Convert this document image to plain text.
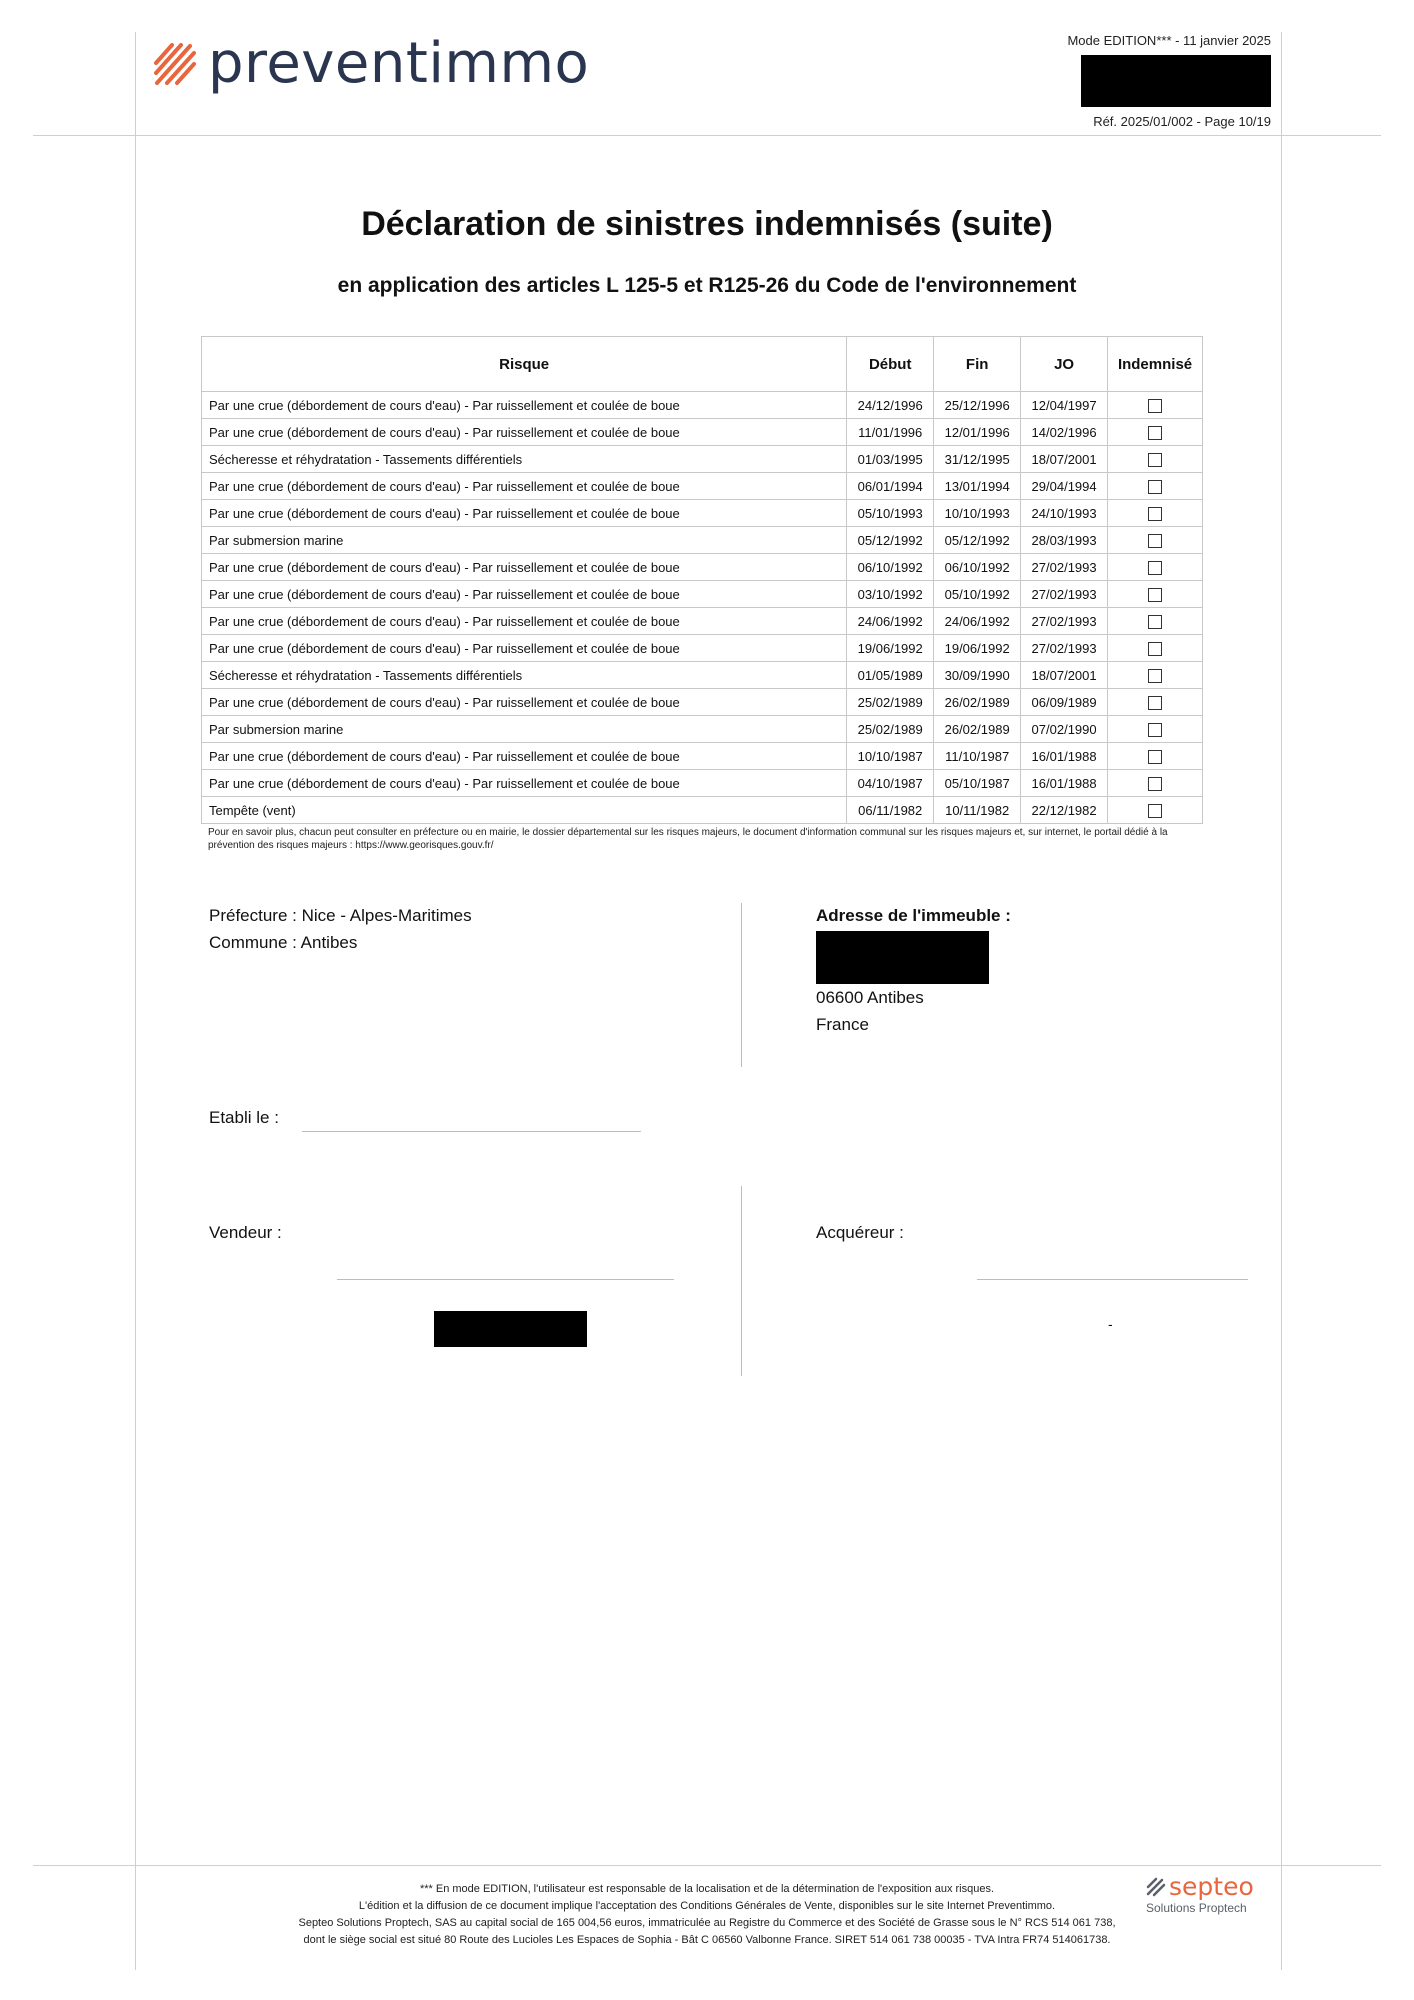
preventimmo	Mode EDITION*** - 11 janvier 2025
Réf. 2025/01/002 - Page 10/19
Déclaration de sinistres indemnisés (suite)
en application des articles L 125-5 et R125-26 du Code de l'environnement
Risque	Début	Fin	JO	Indemnisé
Par une crue (débordement de cours d'eau) - Par ruissellement et coulée de boue	24/12/1996	25/12/1996	12/04/1997	
Par une crue (débordement de cours d'eau) - Par ruissellement et coulée de boue	11/01/1996	12/01/1996	14/02/1996	
Sécheresse et réhydratation - Tassements différentiels	01/03/1995	31/12/1995	18/07/2001	
Par une crue (débordement de cours d'eau) - Par ruissellement et coulée de boue	06/01/1994	13/01/1994	29/04/1994	
Par une crue (débordement de cours d'eau) - Par ruissellement et coulée de boue	05/10/1993	10/10/1993	24/10/1993	
Par submersion marine	05/12/1992	05/12/1992	28/03/1993	
Par une crue (débordement de cours d'eau) - Par ruissellement et coulée de boue	06/10/1992	06/10/1992	27/02/1993	
Par une crue (débordement de cours d'eau) - Par ruissellement et coulée de boue	03/10/1992	05/10/1992	27/02/1993	
Par une crue (débordement de cours d'eau) - Par ruissellement et coulée de boue	24/06/1992	24/06/1992	27/02/1993	
Par une crue (débordement de cours d'eau) - Par ruissellement et coulée de boue	19/06/1992	19/06/1992	27/02/1993	
Sécheresse et réhydratation - Tassements différentiels	01/05/1989	30/09/1990	18/07/2001	
Par une crue (débordement de cours d'eau) - Par ruissellement et coulée de boue	25/02/1989	26/02/1989	06/09/1989	
Par submersion marine	25/02/1989	26/02/1989	07/02/1990	
Par une crue (débordement de cours d'eau) - Par ruissellement et coulée de boue	10/10/1987	11/10/1987	16/01/1988	
Par une crue (débordement de cours d'eau) - Par ruissellement et coulée de boue	04/10/1987	05/10/1987	16/01/1988	
Tempête (vent)	06/11/1982	10/11/1982	22/12/1982	
Pour en savoir plus, chacun peut consulter en préfecture ou en mairie, le dossier départemental sur les risques majeurs, le document d'information communal sur les risques majeurs et, sur internet, le portail dédié à la prévention des risques majeurs : https://www.georisques.gouv.fr/
Préfecture : Nice - Alpes-Maritimes
Commune : Antibes
Adresse de l'immeuble :
06600 Antibes
France
Etabli le :
Vendeur :	Acquéreur :
-
*** En mode EDITION, l'utilisateur est responsable de la localisation et de la détermination de l'exposition aux risques.
L'édition et la diffusion de ce document implique l'acceptation des Conditions Générales de Vente, disponibles sur le site Internet Preventimmo.
Septeo Solutions Proptech, SAS au capital social de 165 004,56 euros, immatriculée au Registre du Commerce et des Société de Grasse sous le N° RCS 514 061 738,
dont le siège social est situé 80 Route des Lucioles Les Espaces de Sophia - Bât C 06560 Valbonne France. SIRET 514 061 738 00035 - TVA Intra FR74 514061738.
septeo
Solutions Proptech
